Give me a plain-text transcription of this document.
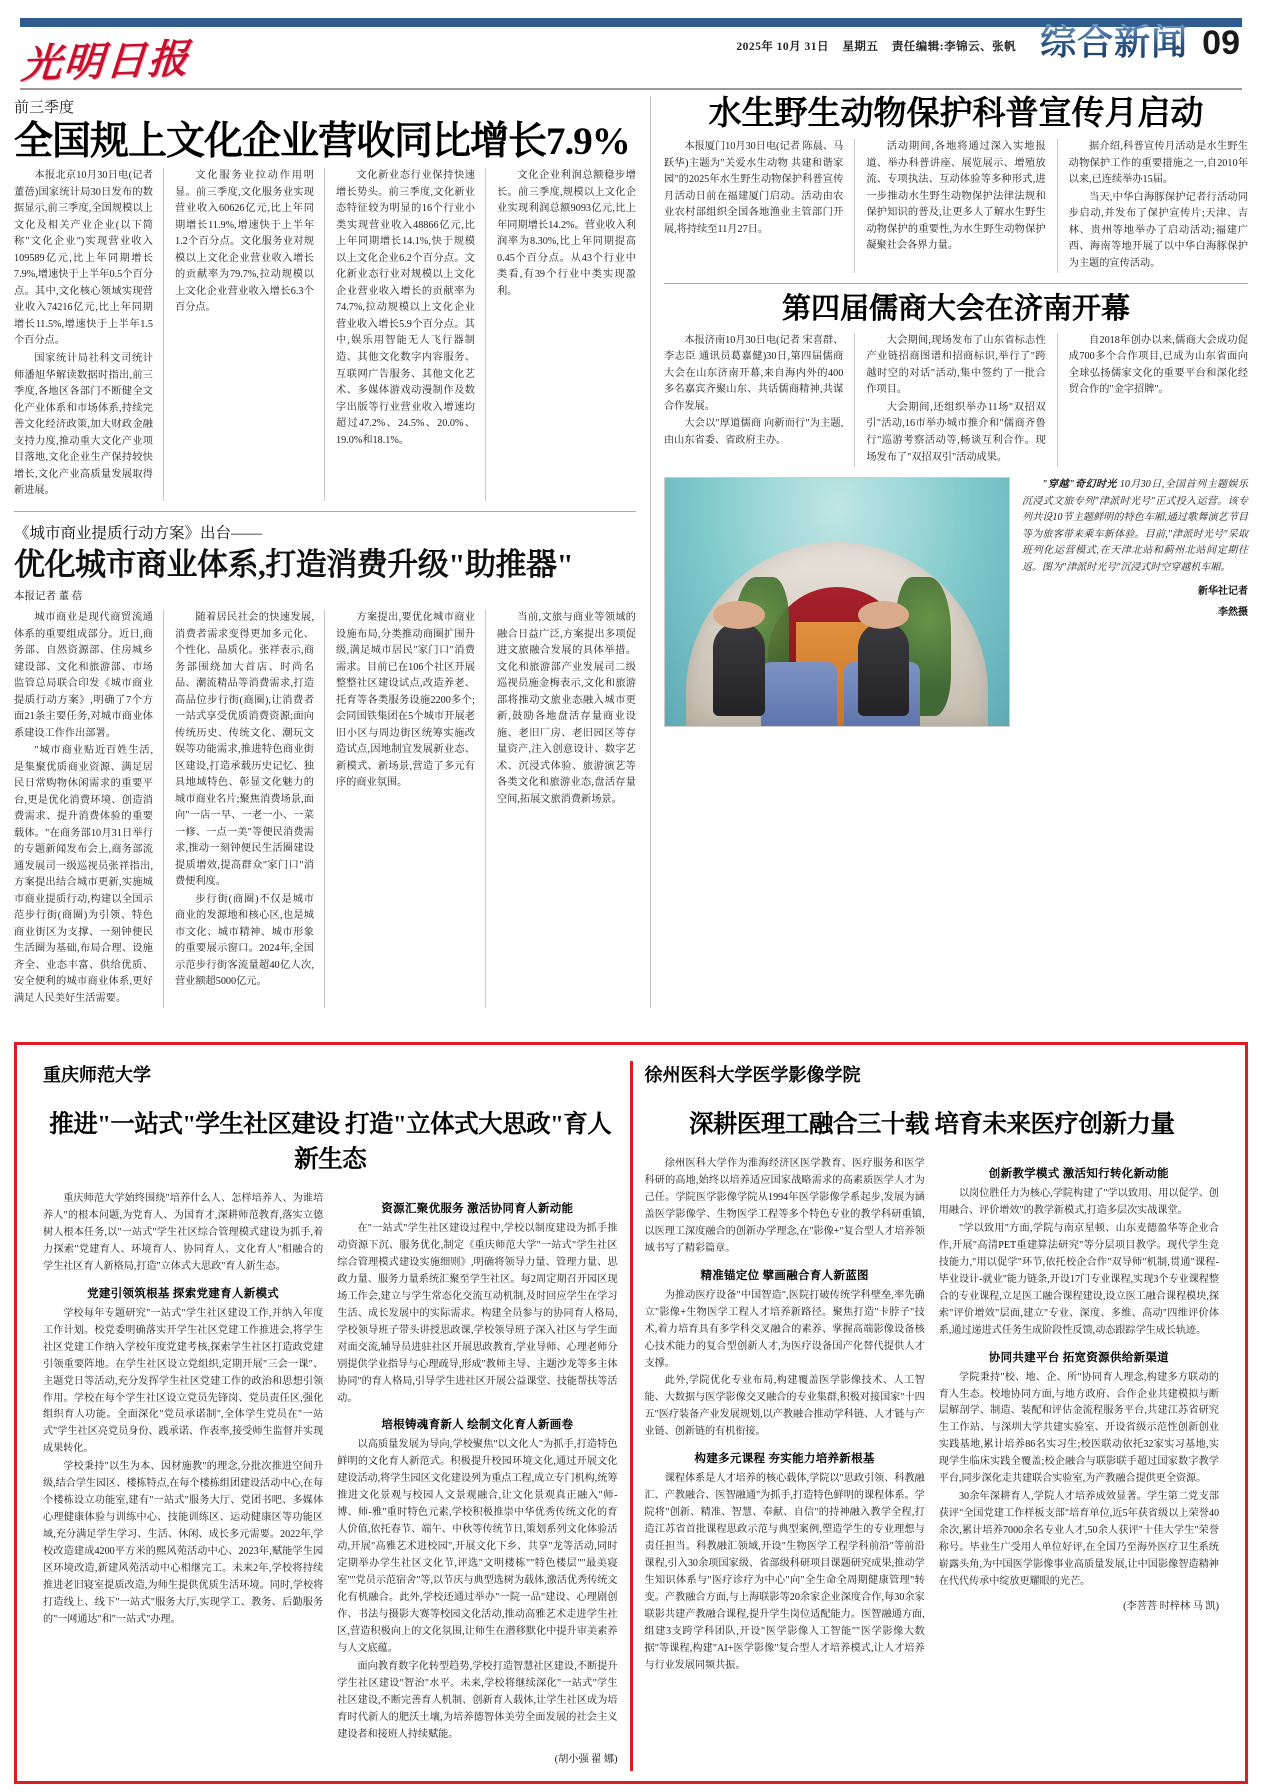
光明日报	2025年 10月 31日 星期五 责任编辑:李锦云、张帆 综合新闻 09
前三季度
全国规上文化企业营收同比增长7.9%

本报北京10月30日电(记者 董蓓)国家统计局30日发布的数据显示,前三季度,全国规模以上文化及相关产业企业(以下简称"文化企业")实现营业收入109589亿元,比上年同期增长7.9%,增速快于上半年0.5个百分点。其中,文化核心领域实现营业收入74216亿元,比上年同期增长11.5%,增速快于上半年1.5个百分点。

国家统计局社科文司统计师潘旭华解读数据时指出,前三季度,各地区各部门不断健全文化产业体系和市场体系,持续完善文化经济政策,加大财政金融支持力度,推动重大文化产业项目落地,文化企业生产保持较快增长,文化产业高质量发展取得新进展。

文化服务业拉动作用明显。前三季度,文化服务业实现营业收入60626亿元,比上年同期增长11.9%,增速快于上半年1.2个百分点。文化服务业对规模以上文化企业营业收入增长的贡献率为79.7%,拉动规模以上文化企业营业收入增长6.3个百分点。

文化新业态行业保持快速增长势头。前三季度,文化新业态特征较为明显的16个行业小类实现营业收入48866亿元,比上年同期增长14.1%,快于规模以上文化企业6.2个百分点。文化新业态行业对规模以上文化企业营业收入增长的贡献率为74.7%,拉动规模以上文化企业营业收入增长5.9个百分点。其中,娱乐用智能无人飞行器制造、其他文化数字内容服务、互联网广告服务、其他文化艺术、多媒体游戏动漫制作及数字出版等行业营业收入增速均超过47.2%、24.5%、20.0%、19.0%和18.1%。

文化企业利润总额稳步增长。前三季度,规模以上文化企业实现利润总额9093亿元,比上年同期增长14.2%。营业收入利润率为8.30%,比上年同期提高0.45个百分点。从43个行业中类看,有39个行业中类实现盈利。

《城市商业提质行动方案》出台——
优化城市商业体系,打造消费升级"助推器"
本报记者 董 蓓

城市商业是现代商贸流通体系的重要组成部分。近日,商务部、自然资源部、住房城乡建设部、文化和旅游部、市场监管总局联合印发《城市商业提质行动方案》,明确了7个方面21条主要任务,对城市商业体系建设工作作出部署。

"城市商业贴近百姓生活,是集聚优质商业资源、满足居民日常购物休闲需求的重要平台,更是优化消费环境、创造消费需求、提升消费体验的重要载体。"在商务部10月31日举行的专题新闻发布会上,商务部流通发展司一级巡视员张祥指出,方案提出结合城市更新,实施城市商业提质行动,构建以全国示范步行街(商圈)为引领、特色商业街区为支撑、一刻钟便民生活圈为基础,布局合理、设施齐全、业态丰富、供给优质、安全便利的城市商业体系,更好满足人民美好生活需要。

随着居民社会的快速发展,消费者需求变得更加多元化、个性化、品质化。张祥表示,商务部围绕加大首店、时尚名品、潮流精品等消费需求,打造高品位步行街(商圈),让消费者一站式享受优质消费资源;面向传统历史、传统文化、潮玩文娱等功能需求,推进特色商业街区建设,打造承载历史记忆、独具地域特色、彰显文化魅力的城市商业名片;聚焦消费场景,面向"一店一早、一老一小、一菜一修、一点一美"等便民消费需求,推动一刻钟便民生活圈建设提质增效,提高群众"家门口"消费便利度。

步行街(商圈)不仅是城市商业的发源地和核心区,也是城市文化、城市精神、城市形象的重要展示窗口。2024年,全国示范步行街客流量超40亿人次,营业额超5000亿元。

方案提出,要优化城市商业设施布局,分类推动商圈扩围升级,满足城市居民"家门口"消费需求。目前已在106个社区开展整整社区建设试点,改造养老、托育等各类服务设施2200多个;会同国铁集团在5个城市开展老旧小区与周边街区统筹实施改造试点,因地制宜发展新业态、新模式、新场景,营造了多元有序的商业氛围。

当前,文旅与商业等领域的融合日益广泛,方案提出多项促进文旅融合发展的具体举措。文化和旅游部产业发展司二级巡视员施金梅表示,文化和旅游部将推动文旅业态融入城市更新,鼓励各地盘活存量商业设施、老旧厂房、老旧园区等存量资产,注入创意设计、数字艺术、沉浸式体验、旅游演艺等各类文化和旅游业态,盘活存量空间,拓展文旅消费新场景。

水生野生动物保护科普宣传月启动

本报厦门10月30日电(记者 陈晨、马跃华)主题为"关爱水生动物 共建和谐家园"的2025年水生野生动物保护科普宣传月活动日前在福建厦门启动。活动由农业农村部组织全国各地渔业主管部门开展,将持续至11月27日。

活动期间,各地将通过深入实地报道、举办科普讲座、展览展示、增殖放流、专项执法、互动体验等多种形式,进一步推动水生野生动物保护法律法规和保护知识的普及,让更多人了解水生野生动物保护的重要性,为水生野生动物保护凝聚社会各界力量。

据介绍,科普宣传月活动是水生野生动物保护工作的重要措施之一,自2010年以来,已连续举办15届。

当天,中华白海豚保护记者行活动同步启动,并发布了保护宣传片;天津、吉林、贵州等地举办了启动活动;福建广西、海南等地开展了以中华白海豚保护为主题的宣传活动。

第四届儒商大会在济南开幕

本报济南10月30日电(记者 宋喜群、李志臣 通讯员葛嘉健)30日,第四届儒商大会在山东济南开幕,来自海内外的400多名嘉宾齐聚山东、共话儒商精神,共谋合作发展。

大会以"厚道儒商 向新而行"为主题,由山东省委、省政府主办。

大会期间,现场发布了山东省标志性产业链招商图谱和招商标识,举行了"跨越时空的对话"活动,集中签约了一批合作项目。

大会期间,还组织举办11场"双招双引"活动,16市举办城市推介和"儒商齐鲁行"巡游考察活动等,畅谈互利合作。现场发布了"双招双引"活动成果。

自2018年创办以来,儒商大会成功促成700多个合作项目,已成为山东省面向全球弘扬儒家文化的重要平台和深化经贸合作的"金字招牌"。

"穿越"奇幻时光 10月30日,全国首列主题娱乐沉浸式文旅专列"津派时光号"正式投入运营。该专列共设10节主题鲜明的特色车厢,通过歌舞演艺节目等为旅客带来乘车新体验。目前,"津派时光号"采取班列化运营模式,在天津北站和蓟州北站间定期往返。图为"津派时光号"沉浸式时空穿越机车厢。
新华社记者
李然摄
重庆师范大学
推进"一站式"学生社区建设 打造"立体式大思政"育人新生态

重庆师范大学始终围绕"培养什么人、怎样培养人、为谁培养人"的根本问题,为党育人、为国育才,深耕师范教育,落实立德树人根本任务,以"一站式"学生社区综合管理模式建设为抓手,着力探索"党建育人、环境育人、协同育人、文化育人"相融合的学生社区育人新格局,打造"立体式大思政"育人新生态。

党建引领筑根基 探索党建育人新模式

学校每年专题研究"一站式"学生社区建设工作,并纳入年度工作计划。校党委明确落实开学生社区党建工作推进会,将学生社区党建工作纳入学校年度党建考核,探索学生社区打造政党建引领重要阵地。在学生社区设立党组织,定期开展"三会一课"、主题党日等活动,充分发挥学生社区党建工作的政治和思想引领作用。学校在每个学生社区设立党员先锋岗、党员责任区,强化组织育人功能。全面深化"党员承诺制",全体学生党员在"一站式"学生社区亮党员身份、践承诺、作表率,接受师生监督并实现成果转化。

学校秉持"以生为本、因材施教"的理念,分批次推进空间升级,结合学生园区、楼栋特点,在每个楼栋组团建设活动中心,在每个楼栋设立功能室,建有"一站式"服务大厅、党团书吧、多媒体心理健康体验与训练中心、技能训练区、运动健康区等功能区域,充分满足学生学习、生活、休闲、成长多元需要。2022年,学校改造建成4200平方米的熙风苑活动中心、2023年,赋能学生园区环境改造,新建风苑活动中心相继完工。未来2年,学校将持续推进老旧寝室提质改造,为师生提供优质生活环境。同时,学校将打造线上、线下"一站式"服务大厅,实现学工、教务、后勤服务的"一网通达"和"一站式"办理。

资源汇聚优服务 激活协同育人新动能

在"一站式"学生社区建设过程中,学校以制度建设为抓手推动资源下沉、服务优化,制定《重庆师范大学"一站式"学生社区综合管理模式建设实施细则》,明确将领导力量、管理力量、思政力量、服务力量系统汇聚至学生社区。每2周定期召开园区现场工作会,建立与学生常态化交流互动机制,及时回应学生在学习生活、成长发展中的实际需求。构建全员参与的协同育人格局,学校领导班子带头讲授思政课,学校领导班子深入社区与学生面对面交流,辅导员进驻社区开展思政教育,学业导师、心理老师分别提供学业指导与心理疏导,形成"教师主导、主题沙龙等多主体协同"的育人格局,引导学生进社区开展公益课堂、技能帮扶等活动。

培根铸魂育新人 绘制文化育人新画卷

以高质量发展为导向,学校聚焦"以文化人"为抓手,打造特色鲜明的文化育人新范式。积极提升校园环境文化,通过开展文化建设活动,将学生园区文化建设列为重点工程,成立专门机构,统筹推进文化景观与校园人文景观融合,让文化景观真正融入"师-博、师-雅"重时特色元素,学校积极推崇中华优秀传统文化的育人价值,依托春节、端午、中秋等传统节日,策划系列文化体验活动,开展"高雅艺术进校园",开展文化下乡、共享"龙等活动,同时定期举办学生社区文化节,评选"文明楼栋""特色楼层""最美寝室""党员示范宿舍"等,以节庆与典型选树为载体,激活优秀传统文化有机融合。此外,学校还通过举办"一院一品"建设、心理剧创作、书法与摄影大赛等校园文化活动,推动高雅艺术走进学生社区,营造积极向上的文化氛围,让师生在潜移默化中提升审美素养与人文底蕴。

面向教育数字化转型趋势,学校打造智慧社区建设,不断提升学生社区建设"智治"水平。未来,学校将继续深化"一站式"学生社区建设,不断完善育人机制、创新育人载体,让学生社区成为培育时代新人的肥沃土壤,为培养德智体美劳全面发展的社会主义建设者和接班人持续赋能。

(胡小强 翟 娜)
徐州医科大学医学影像学院
深耕医理工融合三十载 培育未来医疗创新力量

徐州医科大学作为淮海经济区医学教育、医疗服务和医学科研的高地,始终以培养适应国家战略需求的高素质医学人才为己任。学院医学影像学院从1994年医学影像学系起步,发展为涵盖医学影像学、生物医学工程等多个特色专业的教学科研重镇,以医理工深度融合的创新办学理念,在"影像+"复合型人才培养领域书写了精彩篇章。

精准锚定位 擘画融合育人新蓝图

为推动医疗设备"中国智造",医院打破传统学科壁垒,率先确立"影像+生物医学工程人才培养新路径。聚焦打造"卡脖子"技术,着力培育具有多学科交叉融合的素养、掌握高端影像设备核心技术能力的复合型创新人才,为医疗设备国产化替代提供人才支撑。

此外,学院优化专业布局,构建覆盖医学影像技术、人工智能、大数据与医学影像交叉融合的专业集群,积极对接国家"十四五"医疗装备产业发展规划,以产教融合推动学科链、人才链与产业链、创新链的有机衔接。

构建多元课程 夯实能力培养新根基

课程体系是人才培养的核心载体,学院以"思政引领、科教融汇、产教融合、医智融通"为抓手,打造特色鲜明的课程体系。学院将"创新、精准、智慧、奉献、自信"的持神融入教学全程,打造江苏省首批课程思政示范与典型案例,塑造学生的专业理想与责任担当。科教融汇领域,开设"生物医学工程学科前沿"等前沿课程,引入30余项国家级、省部级科研项目课题研究成果,推动学生知识体系与"医疗诊疗为中心"向"全生命全周期健康管理"转变。产教融合方面,与上海联影等20余家企业深度合作,每30余家联影共建产教融合课程,提升学生岗位适配能力。医智融通方面,组建3支跨学科团队,开设"医学影像人工智能""医学影像大数据"等课程,构建"AI+医学影像"复合型人才培养模式,让人才培养与行业发展同频共振。

创新教学模式 激活知行转化新动能

以岗位胜任力为核心,学院构建了"学以致用、用以促学、创用融合、评价增效"的教学新模式,打造多层次实战课堂。

"学以致用"方面,学院与南京星顿、山东麦德盈华等企业合作,开展"高清PET重建算法研究"等分层项目教学。现代学生竞技能力,"用以促学"环节,依托校企合作"双导师"机制,贯通"课程-毕业设计-就业"能力链条,开设17门专业课程,实现3个专业课程整合的专业课程,立足医工融合课程建设,设立医工融合课程模块,探索"评价增效"层面,建立"专业、深度、多维、高动"四维评价体系,通过递进式任务生成阶段性反馈,动态跟踪学生成长轨迹。

协同共建平台 拓宽资源供给新渠道

学院秉持"校、地、企、所"协同育人理念,构建多方联动的育人生态。校地协同方面,与地方政府、合作企业共建模拟与断层解剖学、制造、装配和评估金流程服务平台,共建江苏省研究生工作站、与深圳大学共建实验室、开设省级示范性创新创业实践基地,累计培养86名实习生;校医联动依托32家实习基地,实现学生临床实践全覆盖;校企融合与联影联手超过国家数字教学平台,同步深化走共建联合实验室,为产教融合提供更全资源。

30余年深耕育人,学院人才培养成效显著。学生第二党支部获评"全国党建工作样板支部"培育单位,近5年获省级以上荣誉40余次,累计培养7000余名专业人才,50余人获评"十佳大学生"荣誉称号。毕业生广受用人单位好评,在全国乃至海外医疗卫生系统崭露头角,为中国医学影像事业高质量发展,让中国影像智造精神在代代传承中绽放更耀眼的光芒。

(李菩菩 时梓林 马 凯)
